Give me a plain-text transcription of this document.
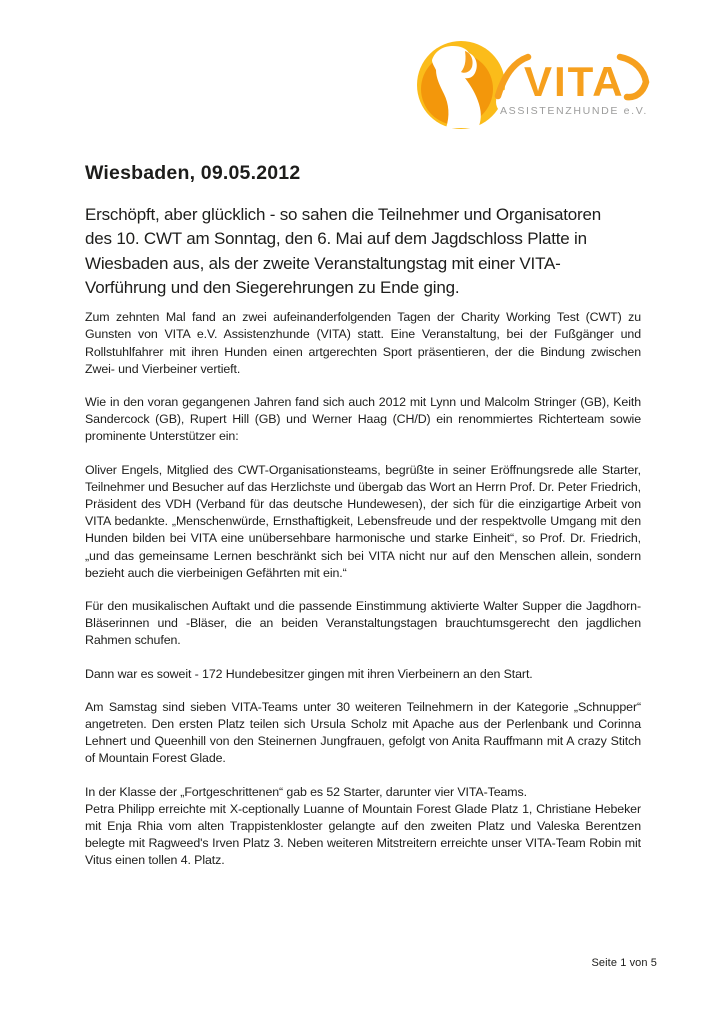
VITA
ASSISTENZHUNDE e.V.
Wiesbaden, 09.05.2012

Erschöpft, aber glücklich - so sahen die Teilnehmer und Organisatoren des 10. CWT am Sonntag, den 6. Mai auf dem Jagdschloss Platte in Wiesbaden aus, als der zweite Veranstaltungstag mit einer VITA-Vorführung und den Siegerehrungen zu Ende ging.

Zum zehnten Mal fand an zwei aufeinanderfolgenden Tagen der Charity Working Test (CWT) zu Gunsten von VITA e.V. Assistenzhunde (VITA) statt. Eine Veranstaltung, bei der Fußgänger und Rollstuhlfahrer mit ihren Hunden einen artgerechten Sport präsentieren, der die Bindung zwischen Zwei- und Vierbeiner vertieft.

Wie in den voran gegangenen Jahren fand sich auch 2012 mit Lynn und Malcolm Stringer (GB), Keith Sandercock (GB), Rupert Hill (GB) und Werner Haag (CH/D) ein renommiertes Richterteam sowie prominente Unterstützer ein:

Oliver Engels, Mitglied des CWT-Organisationsteams, begrüßte in seiner Eröffnungsrede alle Starter, Teilnehmer und Besucher auf das Herzlichste und übergab das Wort an Herrn Prof. Dr. Peter Friedrich, Präsident des VDH (Verband für das deutsche Hundewesen), der sich für die einzigartige Arbeit von VITA bedankte. „Menschenwürde, Ernsthaftigkeit, Lebensfreude und der respektvolle Umgang mit den Hunden bilden bei VITA eine unübersehbare harmonische und starke Einheit“, so Prof. Dr. Friedrich, „und das gemeinsame Lernen beschränkt sich bei VITA nicht nur auf den Menschen allein, sondern bezieht auch die vierbeinigen Gefährten mit ein.“

Für den musikalischen Auftakt und die passende Einstimmung aktivierte Walter Supper die Jagdhorn-Bläserinnen und -Bläser, die an beiden Veranstaltungstagen brauchtumsgerecht den jagdlichen Rahmen schufen.

Dann war es soweit - 172 Hundebesitzer gingen mit ihren Vierbeinern an den Start.

Am Samstag sind sieben VITA-Teams unter 30 weiteren Teilnehmern in der Kategorie „Schnupper“ angetreten. Den ersten Platz teilen sich Ursula Scholz mit Apache aus der Perlenbank und Corinna Lehnert und Queenhill von den Steinernen Jungfrauen, gefolgt von Anita Rauffmann mit A crazy Stitch of Mountain Forest Glade.

In der Klasse der „Fortgeschrittenen“ gab es 52 Starter, darunter vier VITA-Teams.

Petra Philipp erreichte mit X-ceptionally Luanne of Mountain Forest Glade Platz 1, Christiane Hebeker mit Enja Rhia vom alten Trappistenkloster gelangte auf den zweiten Platz und Valeska Berentzen belegte mit Ragweed's Irven Platz 3. Neben weiteren Mitstreitern erreichte unser VITA-Team Robin mit Vitus einen tollen 4. Platz.

Seite 1 von 5
